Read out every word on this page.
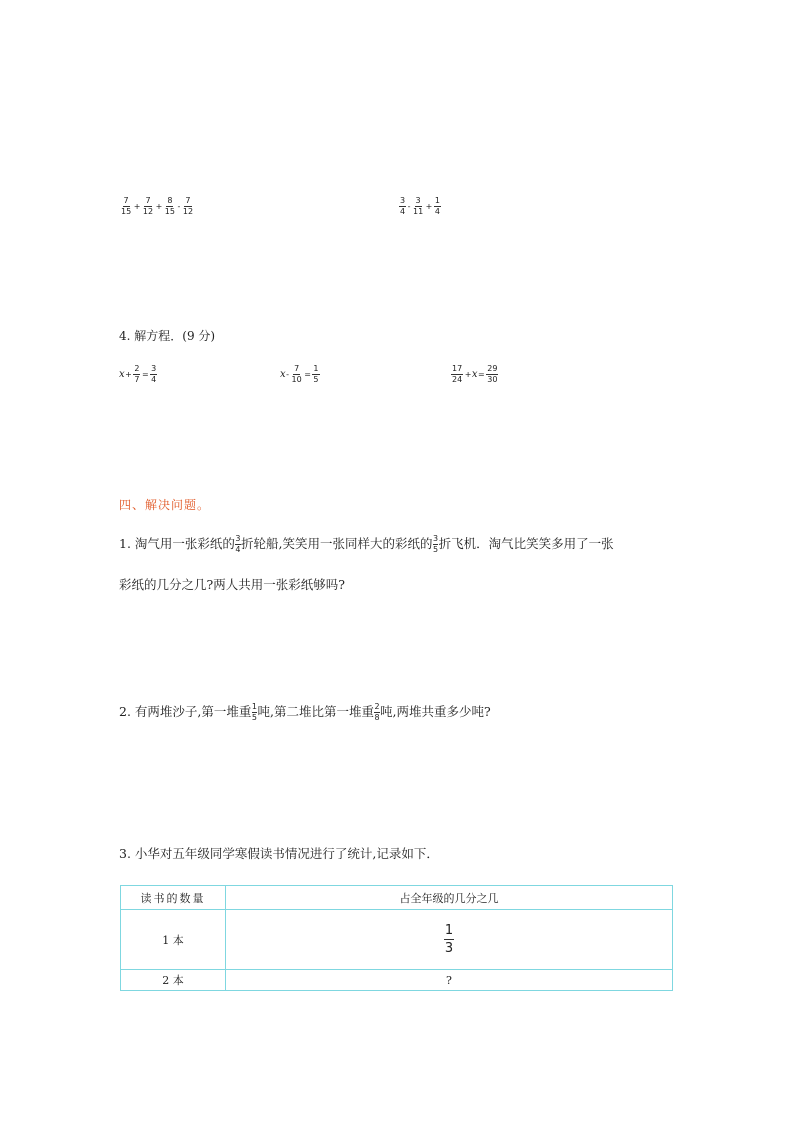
$\frac{7}{15} + \frac{7}{12} + \frac{8}{15} - \frac{7}{12}$	$\frac{3}{4} - \frac{3}{11} + \frac{1}{4}$
4. 解方程．(9 分)
$x + \frac{2}{7} = \frac{3}{4}$	$x - \frac{7}{10} = \frac{1}{5}$	$\frac{17}{24} + x = \frac{29}{30}$
四、解决问题。
1. 淘气用一张彩纸的 $\frac{3}{4}$ 折轮船,笑笑用一张同样大的彩纸的 $\frac{3}{5}$ 折飞机．淘气比笑笑多用了一张
彩纸的几分之几?两人共用一张彩纸够吗?
2. 有两堆沙子,第一堆重 $\frac{1}{5}$ 吨,第二堆比第一堆重 $\frac{2}{8}$ 吨,两堆共重多少吨?
3. 小华对五年级同学寒假读书情况进行了统计,记录如下．
读书的数量	占全年级的几分之几
1 本	$\frac{1}{3}$

2 本	?
